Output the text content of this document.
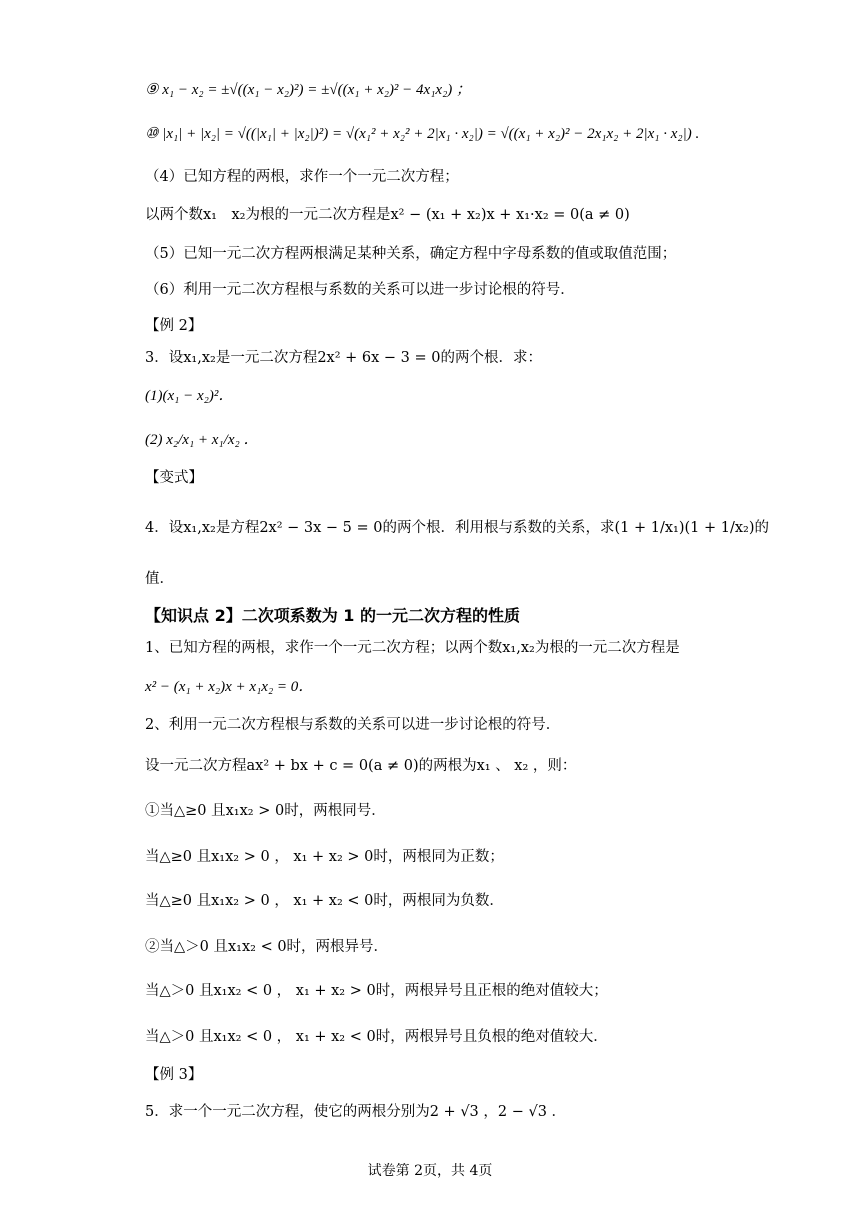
⑨ x₁ − x₂ = ±√((x₁ − x₂)²) = ±√((x₁ + x₂)² − 4x₁x₂) ；
⑩ |x₁| + |x₂| = √((|x₁| + |x₂|)²) = √(x₁² + x₂² + 2|x₁ · x₂|) = √((x₁ + x₂)² − 2x₁x₂ + 2|x₁ · x₂|) .
（4）已知方程的两根，求作一个一元二次方程；
以两个数x₁　x₂为根的一元二次方程是x² − (x₁ + x₂)x + x₁·x₂ = 0(a ≠ 0)
（5）已知一元二次方程两根满足某种关系，确定方程中字母系数的值或取值范围；
（6）利用一元二次方程根与系数的关系可以进一步讨论根的符号．
【例 2】
3．设x₁,x₂是一元二次方程2x² + 6x − 3 = 0的两个根．求：
(1)(x₁ − x₂)²．
(2) x₂/x₁ + x₁/x₂ ．
【变式】
4．设x₁,x₂是方程2x² − 3x − 5 = 0的两个根．利用根与系数的关系，求(1 + 1/x₁)(1 + 1/x₂)的
值．
【知识点 2】二次项系数为 1 的一元二次方程的性质
1、已知方程的两根，求作一个一元二次方程；以两个数x₁,x₂为根的一元二次方程是
x² − (x₁ + x₂)x + x₁x₂ = 0．
2、利用一元二次方程根与系数的关系可以进一步讨论根的符号．
设一元二次方程ax² + bx + c = 0(a ≠ 0)的两根为x₁ 、 x₂ ，则：
①当△≥0 且x₁x₂ > 0时，两根同号．
当△≥0 且x₁x₂ > 0 ， x₁ + x₂ > 0时，两根同为正数；
当△≥0 且x₁x₂ > 0 ， x₁ + x₂ < 0时，两根同为负数．
②当△＞0 且x₁x₂ < 0时，两根异号．
当△＞0 且x₁x₂ < 0 ， x₁ + x₂ > 0时，两根异号且正根的绝对值较大；
当△＞0 且x₁x₂ < 0 ， x₁ + x₂ < 0时，两根异号且负根的绝对值较大．
【例 3】
5．求一个一元二次方程，使它的两根分别为2 + √3 ，2 − √3 ．
试卷第 2页，共 4页
